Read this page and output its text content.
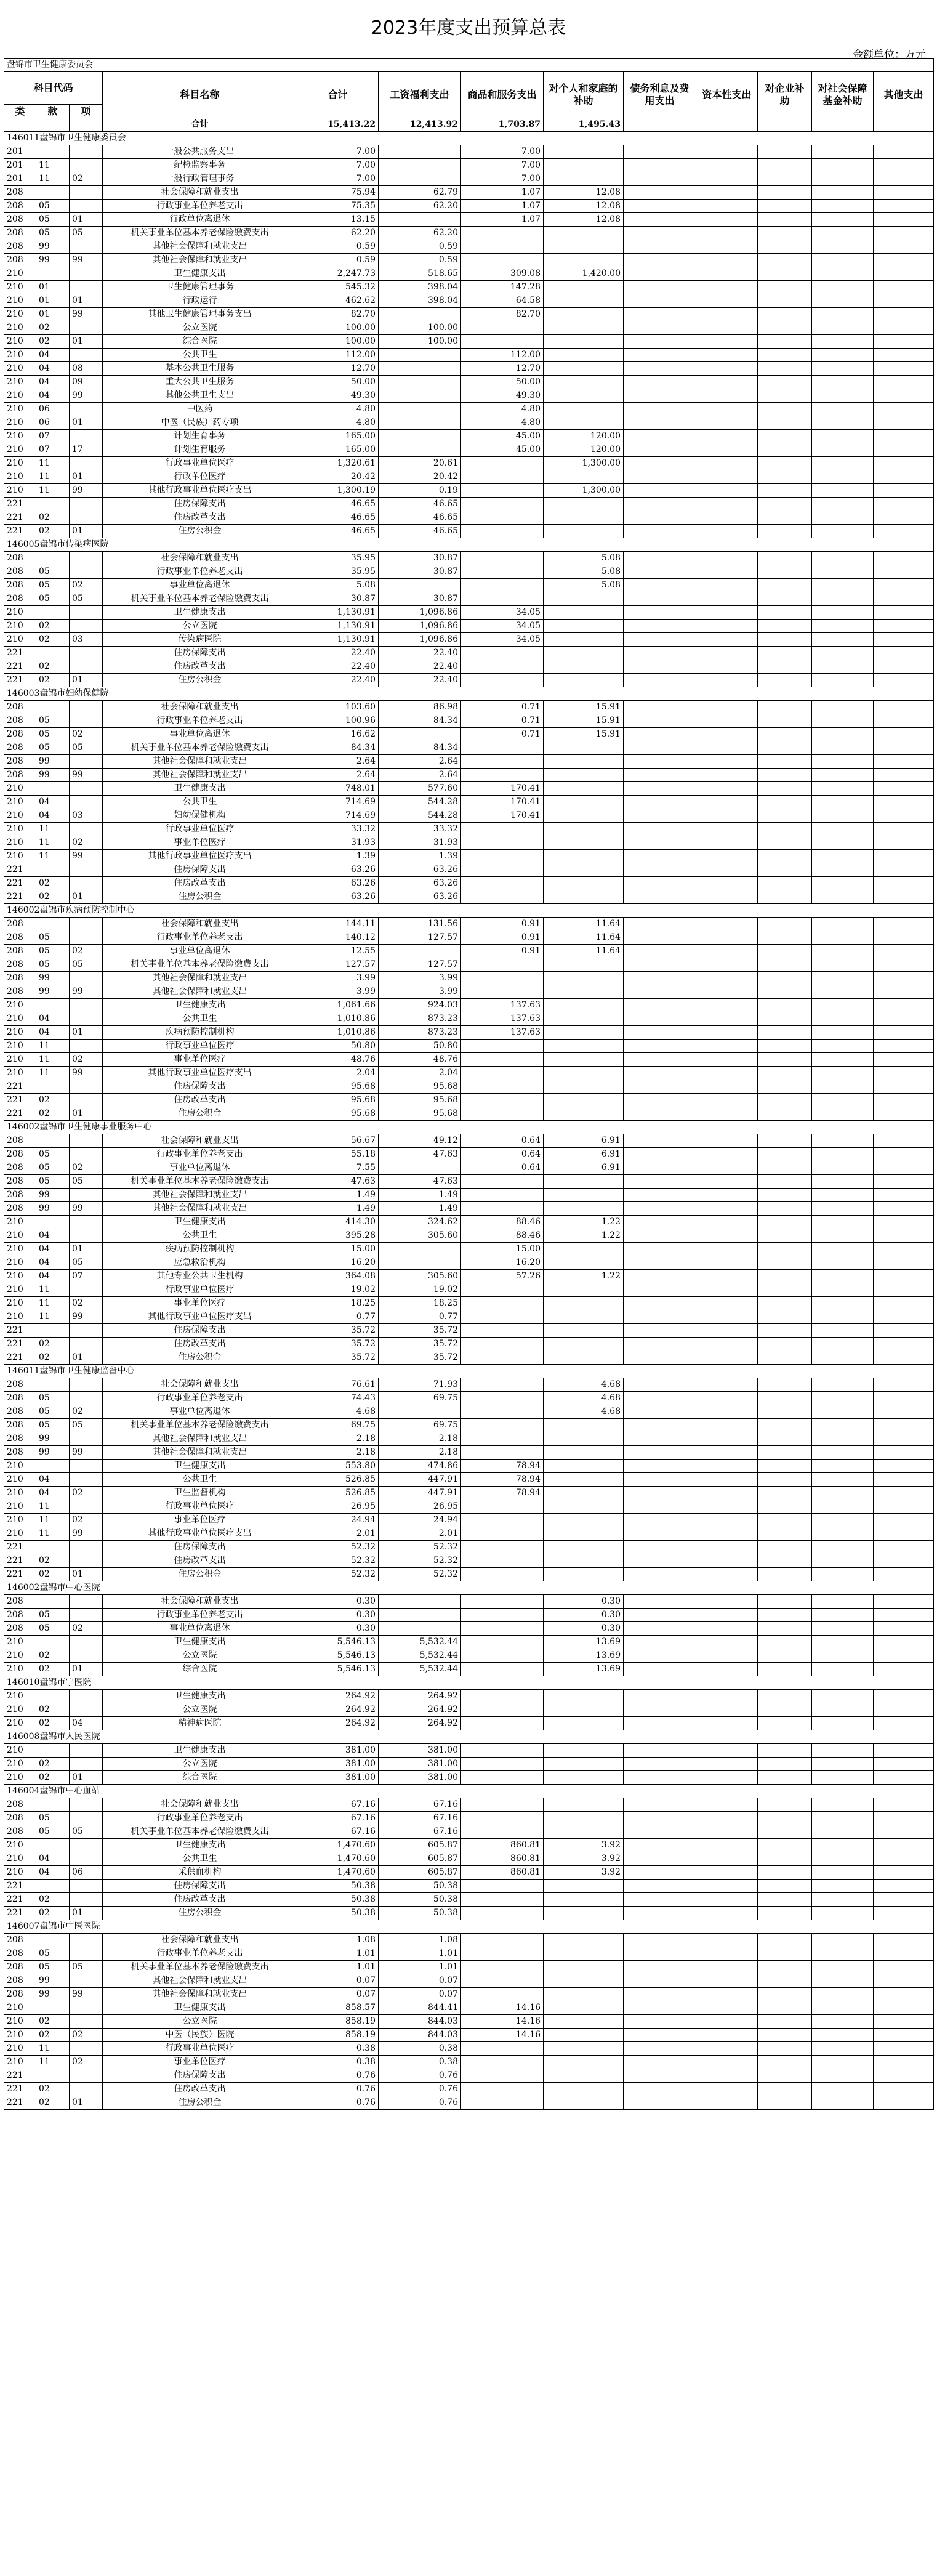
2023年度支出预算总表
金额单位：万元
盘锦市卫生健康委员会												
科目代码			科目名称	合计	工资福利支出	商品和服务支出	对个人和家庭的补助	债务利息及费用支出	资本性支出	对企业补助	对社会保障基金补助	其他支出
类	款	项										
			合计	15,413.22	12,413.92	1,703.87	1,495.43					
146011盘锦市卫生健康委员会												
201			一般公共服务支出	7.00		7.00						
201	11		纪检监察事务	7.00		7.00						
201	11	02	一般行政管理事务	7.00		7.00						
208			社会保障和就业支出	75.94	62.79	1.07	12.08					
208	05		行政事业单位养老支出	75.35	62.20	1.07	12.08					
208	05	01	行政单位离退休	13.15		1.07	12.08					
208	05	05	机关事业单位基本养老保险缴费支出	62.20	62.20							
208	99		其他社会保障和就业支出	0.59	0.59							
208	99	99	其他社会保障和就业支出	0.59	0.59							
210			卫生健康支出	2,247.73	518.65	309.08	1,420.00					
210	01		卫生健康管理事务	545.32	398.04	147.28						
210	01	01	行政运行	462.62	398.04	64.58						
210	01	99	其他卫生健康管理事务支出	82.70		82.70						
210	02		公立医院	100.00	100.00							
210	02	01	综合医院	100.00	100.00							
210	04		公共卫生	112.00		112.00						
210	04	08	基本公共卫生服务	12.70		12.70						
210	04	09	重大公共卫生服务	50.00		50.00						
210	04	99	其他公共卫生支出	49.30		49.30						
210	06		中医药	4.80		4.80						
210	06	01	中医（民族）药专项	4.80		4.80						
210	07		计划生育事务	165.00		45.00	120.00					
210	07	17	计划生育服务	165.00		45.00	120.00					
210	11		行政事业单位医疗	1,320.61	20.61		1,300.00					
210	11	01	行政单位医疗	20.42	20.42							
210	11	99	其他行政事业单位医疗支出	1,300.19	0.19		1,300.00					
221			住房保障支出	46.65	46.65							
221	02		住房改革支出	46.65	46.65							
221	02	01	住房公积金	46.65	46.65							
146005盘锦市传染病医院												
208			社会保障和就业支出	35.95	30.87		5.08					
208	05		行政事业单位养老支出	35.95	30.87		5.08					
208	05	02	事业单位离退休	5.08			5.08					
208	05	05	机关事业单位基本养老保险缴费支出	30.87	30.87							
210			卫生健康支出	1,130.91	1,096.86	34.05						
210	02		公立医院	1,130.91	1,096.86	34.05						
210	02	03	传染病医院	1,130.91	1,096.86	34.05						
221			住房保障支出	22.40	22.40							
221	02		住房改革支出	22.40	22.40							
221	02	01	住房公积金	22.40	22.40							
146003盘锦市妇幼保健院												
208			社会保障和就业支出	103.60	86.98	0.71	15.91					
208	05		行政事业单位养老支出	100.96	84.34	0.71	15.91					
208	05	02	事业单位离退休	16.62		0.71	15.91					
208	05	05	机关事业单位基本养老保险缴费支出	84.34	84.34							
208	99		其他社会保障和就业支出	2.64	2.64							
208	99	99	其他社会保障和就业支出	2.64	2.64							
210			卫生健康支出	748.01	577.60	170.41						
210	04		公共卫生	714.69	544.28	170.41						
210	04	03	妇幼保健机构	714.69	544.28	170.41						
210	11		行政事业单位医疗	33.32	33.32							
210	11	02	事业单位医疗	31.93	31.93							
210	11	99	其他行政事业单位医疗支出	1.39	1.39							
221			住房保障支出	63.26	63.26							
221	02		住房改革支出	63.26	63.26							
221	02	01	住房公积金	63.26	63.26							
146002盘锦市疾病预防控制中心												
208			社会保障和就业支出	144.11	131.56	0.91	11.64					
208	05		行政事业单位养老支出	140.12	127.57	0.91	11.64					
208	05	02	事业单位离退休	12.55		0.91	11.64					
208	05	05	机关事业单位基本养老保险缴费支出	127.57	127.57							
208	99		其他社会保障和就业支出	3.99	3.99							
208	99	99	其他社会保障和就业支出	3.99	3.99							
210			卫生健康支出	1,061.66	924.03	137.63						
210	04		公共卫生	1,010.86	873.23	137.63						
210	04	01	疾病预防控制机构	1,010.86	873.23	137.63						
210	11		行政事业单位医疗	50.80	50.80							
210	11	02	事业单位医疗	48.76	48.76							
210	11	99	其他行政事业单位医疗支出	2.04	2.04							
221			住房保障支出	95.68	95.68							
221	02		住房改革支出	95.68	95.68							
221	02	01	住房公积金	95.68	95.68							
146002盘锦市卫生健康事业服务中心												
208			社会保障和就业支出	56.67	49.12	0.64	6.91					
208	05		行政事业单位养老支出	55.18	47.63	0.64	6.91					
208	05	02	事业单位离退休	7.55		0.64	6.91					
208	05	05	机关事业单位基本养老保险缴费支出	47.63	47.63							
208	99		其他社会保障和就业支出	1.49	1.49							
208	99	99	其他社会保障和就业支出	1.49	1.49							
210			卫生健康支出	414.30	324.62	88.46	1.22					
210	04		公共卫生	395.28	305.60	88.46	1.22					
210	04	01	疾病预防控制机构	15.00		15.00						
210	04	05	应急救治机构	16.20		16.20						
210	04	07	其他专业公共卫生机构	364.08	305.60	57.26	1.22					
210	11		行政事业单位医疗	19.02	19.02							
210	11	02	事业单位医疗	18.25	18.25							
210	11	99	其他行政事业单位医疗支出	0.77	0.77							
221			住房保障支出	35.72	35.72							
221	02		住房改革支出	35.72	35.72							
221	02	01	住房公积金	35.72	35.72							
146011盘锦市卫生健康监督中心												
208			社会保障和就业支出	76.61	71.93		4.68					
208	05		行政事业单位养老支出	74.43	69.75		4.68					
208	05	02	事业单位离退休	4.68			4.68					
208	05	05	机关事业单位基本养老保险缴费支出	69.75	69.75							
208	99		其他社会保障和就业支出	2.18	2.18							
208	99	99	其他社会保障和就业支出	2.18	2.18							
210			卫生健康支出	553.80	474.86	78.94						
210	04		公共卫生	526.85	447.91	78.94						
210	04	02	卫生监督机构	526.85	447.91	78.94						
210	11		行政事业单位医疗	26.95	26.95							
210	11	02	事业单位医疗	24.94	24.94							
210	11	99	其他行政事业单位医疗支出	2.01	2.01							
221			住房保障支出	52.32	52.32							
221	02		住房改革支出	52.32	52.32							
221	02	01	住房公积金	52.32	52.32							
146002盘锦市中心医院												
208			社会保障和就业支出	0.30			0.30					
208	05		行政事业单位养老支出	0.30			0.30					
208	05	02	事业单位离退休	0.30			0.30					
210			卫生健康支出	5,546.13	5,532.44		13.69					
210	02		公立医院	5,546.13	5,532.44		13.69					
210	02	01	综合医院	5,546.13	5,532.44		13.69					
146010盘锦市宁医院												
210			卫生健康支出	264.92	264.92							
210	02		公立医院	264.92	264.92							
210	02	04	精神病医院	264.92	264.92							
146008盘锦市人民医院												
210			卫生健康支出	381.00	381.00							
210	02		公立医院	381.00	381.00							
210	02	01	综合医院	381.00	381.00							
146004盘锦市中心血站												
208			社会保障和就业支出	67.16	67.16							
208	05		行政事业单位养老支出	67.16	67.16							
208	05	05	机关事业单位基本养老保险缴费支出	67.16	67.16							
210			卫生健康支出	1,470.60	605.87	860.81	3.92					
210	04		公共卫生	1,470.60	605.87	860.81	3.92					
210	04	06	采供血机构	1,470.60	605.87	860.81	3.92					
221			住房保障支出	50.38	50.38							
221	02		住房改革支出	50.38	50.38							
221	02	01	住房公积金	50.38	50.38							
146007盘锦市中医医院												
208			社会保障和就业支出	1.08	1.08							
208	05		行政事业单位养老支出	1.01	1.01							
208	05	05	机关事业单位基本养老保险缴费支出	1.01	1.01							
208	99		其他社会保障和就业支出	0.07	0.07							
208	99	99	其他社会保障和就业支出	0.07	0.07							
210			卫生健康支出	858.57	844.41	14.16						
210	02		公立医院	858.19	844.03	14.16						
210	02	02	中医（民族）医院	858.19	844.03	14.16						
210	11		行政事业单位医疗	0.38	0.38							
210	11	02	事业单位医疗	0.38	0.38							
221			住房保障支出	0.76	0.76							
221	02		住房改革支出	0.76	0.76							
221	02	01	住房公积金	0.76	0.76							
